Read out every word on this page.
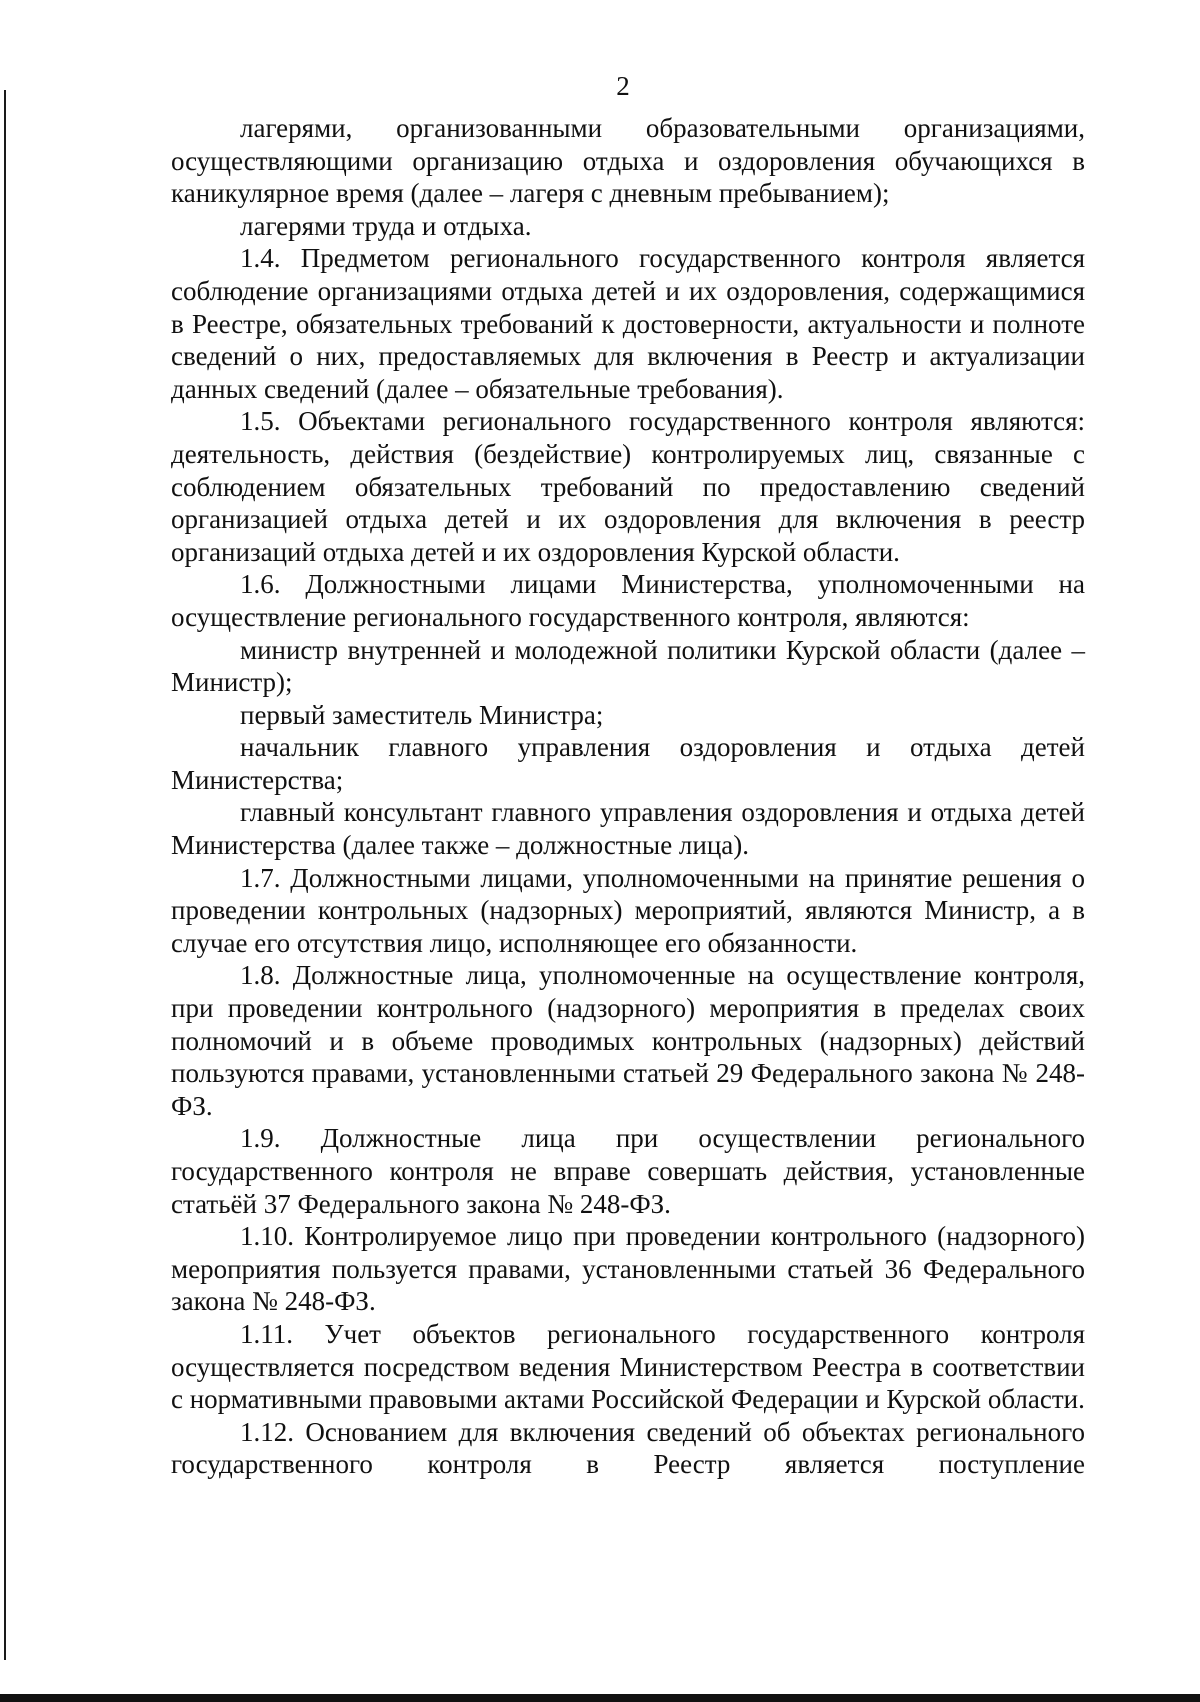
2

лагерями, организованными образовательными организациями, осуществляющими организацию отдыха и оздоровления обучающихся в каникулярное время (далее – лагеря с дневным пребыванием);

лагерями труда и отдыха.

1.4. Предметом регионального государственного контроля является соблюдение организациями отдыха детей и их оздоровления, содержащимися в Реестре, обязательных требований к достоверности, актуальности и полноте сведений о них, предоставляемых для включения в Реестр и актуализации данных сведений (далее – обязательные требования).

1.5. Объектами регионального государственного контроля являются: деятельность, действия (бездействие) контролируемых лиц, связанные с соблюдением обязательных требований по предоставлению сведений организацией отдыха детей и их оздоровления для включения в реестр организаций отдыха детей и их оздоровления Курской области.

1.6. Должностными лицами Министерства, уполномоченными на осуществление регионального государственного контроля, являются:

министр внутренней и молодежной политики Курской области (далее – Министр);

первый заместитель Министра;

начальник главного управления оздоровления и отдыха детей Министерства;

главный консультант главного управления оздоровления и отдыха детей Министерства (далее также – должностные лица).

1.7. Должностными лицами, уполномоченными на принятие решения о проведении контрольных (надзорных) мероприятий, являются Министр, а в случае его отсутствия лицо, исполняющее его обязанности.

1.8. Должностные лица, уполномоченные на осуществление контроля, при проведении контрольного (надзорного) мероприятия в пределах своих полномочий и в объеме проводимых контрольных (надзорных) действий пользуются правами, установленными статьей 29 Федерального закона № 248-ФЗ.

1.9. Должностные лица при осуществлении регионального государственного контроля не вправе совершать действия, установленные статьёй 37 Федерального закона № 248-ФЗ.

1.10. Контролируемое лицо при проведении контрольного (надзорного) мероприятия пользуется правами, установленными статьей 36 Федерального закона № 248-ФЗ.

1.11. Учет объектов регионального государственного контроля осуществляется посредством ведения Министерством Реестра в соответствии с нормативными правовыми актами Российской Федерации и Курской области.

1.12. Основанием для включения сведений об объектах регионального государственного контроля в Реестр является поступление
